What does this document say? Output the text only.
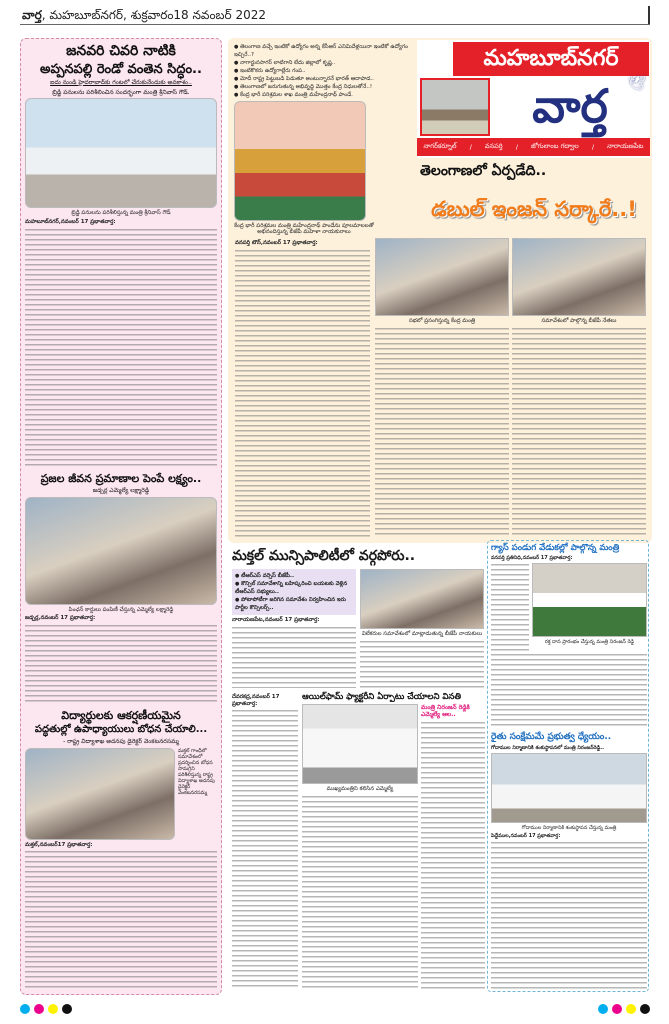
వార్త, మహబూబ్‌నగర్, శుక్రవారం18 నవంబర్ 2022
జనవరి చివరి నాటికి
అప్పనపల్లి రెండో వంతెన సిద్ధం..
ఐదు నుండి హైదరాబాద్‌కు గంటలో చేరుకునేందుకు అవకాశం..
బ్రిడ్జి పనులను పరిశీలించిన సందర్భంగా మంత్రి శ్రీనివాస్ గౌడ్.
బ్రిడ్జి పనులను పరిశీలిస్తున్న మంత్రి శ్రీనివాస్ గౌడ్
మహబూబ్‌నగర్,నవంబర్ 17 ప్రభాతవార్త:
ప్రజల జీవన ప్రమాణాల పెంపే లక్ష్యం..
జడ్చర్ల ఎమ్మెల్యే లక్ష్మారెడ్డి
పింఛన్ కార్డులు పంపిణీ చేస్తున్న ఎమ్మెల్యే లక్ష్మారెడ్డి
జడ్చర్ల,నవంబర్ 17 ప్రభాతవార్త:
విద్యార్థులకు ఆకర్షణీయమైన
పద్ధతుల్లో ఉపాధ్యాయులు బోధన చేయాలి...
- రాష్ట్ర విద్యాశాఖ అదనపు డైరెక్టర్ వెంకటనరసమ్మ
మక్తల్ గాంధీలో సమావేశంలో ప్రదర్శించిన బోధన సామగ్రిని పరిశీలిస్తున్న రాష్ట్ర విద్యాశాఖ అదనపు డైరెక్టర్ వెంకటనరసమ్మ
మక్తల్,నవంబర్17 ప్రభాతవార్త:
● తెలంగాణ వచ్చే ఇంటికో ఉద్యోగం అన్న కేసీఆర్ ఎనిమిదేళ్లయినా ఇంటికో ఉద్యోగం ఇచ్చిరే..?
● నాగార్జునసాగర్ లాటిగాని లేదు జిల్లాలో కృష్ణ..
● ఇంటికొకరు ఉద్యోగాల్లేరు గంప..
● మోదీ రాష్ట్ర పెట్టుబడి పెడుతూ అంటున్నారనే భారత్ ఆదాపాడ..
● తెలంగాణలో జరుగుతున్న అభివృద్ధి మొత్తం కేంద్ర నిధులతోనే..!
● కేంద్ర భారీ పరిశ్రమల శాఖ మంత్రి మహేంద్రనాథ్ పాండే.
కేంద్ర భారీ పరిశ్రమల మంత్రి మహేంద్రనాథ్ పాండేను పూలమాలలతో అభినందిస్తున్న బీజేపీ మహిళా నాయకురాలు
మహబూబ్‌నగర్
వార్త	🕊
నాగర్‌కర్నూల్ / వనపర్తి / జోగులాంబ గద్వాల / నారాయణపేట
తెలంగాణలో ఏర్పడేది..
డబుల్ ఇంజన్ సర్కారే..!
వనపర్తి టౌన్,నవంబర్ 17 ప్రభాతవార్త:
సభలో ప్రసంగిస్తున్న కేంద్ర మంత్రి	సమావేశంలో పాల్గొన్న బీజేపీ నేతలు
మక్తల్ మున్సిపాలిటీలో వర్గపోరు..
● టీఆర్ఎస్ వర్సెస్ బీజేపీ..
● కౌన్సిల్ సమావేశాన్ని బహిష్కరించి బయటకు వెళ్లిన టీఆర్ఎస్ సభ్యులు..
● పోటాపోటీగా జరిగిన సమావేశం నిర్వహించిన ఇరు పార్టీల కౌన్సిలర్స్..
నారాయణపేట,నవంబర్ 17 ప్రభాతవార్త:
విలేకరుల సమావేశంలో మాట్లాడుతున్న బీజేపీ నాయకులు
దేవరకద్ర,నవంబర్ 17 ప్రభాతవార్త:
ఆయిల్‌ఫామ్ ఫ్యాక్టరీని ఏర్పాటు చేయాలని వినతి
ముఖ్యమంత్రిని కలిసిన ఎమ్మెల్యే
మంత్రి నిరంజన్ రెడ్డికి ఎమ్మెల్యే ఆల..
గ్యాస్ పండుగ వేడుకల్లో పాల్గొన్న మంత్రి
వనపర్తి ప్రతినిధి,నవంబర్ 17 ప్రభాతవార్త:
రక్త దాన ప్రారంభం చేస్తున్న మంత్రి నిరంజన్ రెడ్డి
రైతు సంక్షేమమే ప్రభుత్వ ధ్యేయం..
గోదాముల నిర్మాణానికి శంకుస్థాపనలో మంత్రి నిరంజన్‌రెడ్డి..
గోదాముల నిర్మాణానికి శంకుస్థాపన చేస్తున్న మంత్రి
పెద్దేముల,నవంబర్ 17 ప్రభాతవార్త:
